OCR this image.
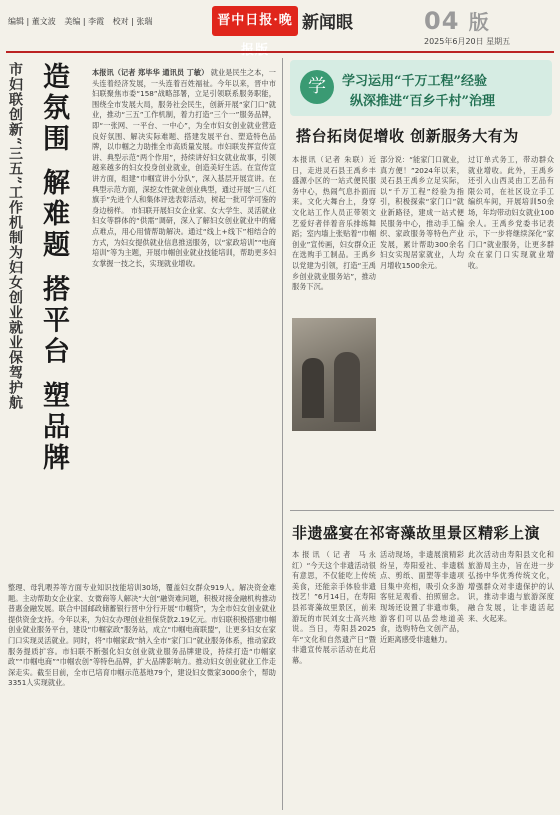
编辑 | 董文波 美编 | 李霞 校对 | 张瑞	晋中日报·晚 新闻眼	04 版
2025年6月20日 星期五
造氛围 解难题 搭平台 塑品牌
市妇联创新“三五”工作机制为妇女创业就业保驾护航	本报讯（记者 郑毕华 通讯员 丁敏） 就业是民生之本，一头连着经济发展，一头连着百姓福祉。今年以来，晋中市妇联聚焦市委“158”战略部署，立足引领联系服务职能，围绕全市发展大局，服务社会民生，创新开展“家门口”就业，推动“三五”工作机制，着力打造“三个一”服务品牌，即“一张网、一平台、一中心”，为全市妇女创业就业营造良好氛围、解决实际难题、搭建发展平台、塑造特色品牌，以巾帼之力助推全市高质量发展。市妇联发挥宣传宣讲、典型示范“两个作用”，持续讲好妇女就业故事，引领越来越多的妇女投身创业就业，创造美好生活。在宣传宣讲方面，组建“巾帼宣讲小分队”，深入基层开展宣讲。在典型示范方面，深挖女性就业创业典型，通过开展“三八红旗手”先进个人和集体评选表彰活动，树起一批可学可鉴的身边榜样。 市妇联开展妇女企业家、女大学生、灵活就业妇女等群体的“供需”调研，深入了解妇女创业就业中的痛点难点，用心用情帮助解决。通过“线上+线下”相结合的方式，为妇女提供就业信息推送服务，以“家政培训”“电商培训”等为主题，开展巾帼创业就业技能培训，帮助更多妇女掌握一技之长，实现就业增收。
整理、母乳喂养等方面专业知识技能培训30场，覆盖妇女群众919人。解决资金难题。主动帮助女企业家、女微商等人解决“大创”融资难问题，积极对接金融机构推动普惠金融发展。联合中国邮政储蓄银行晋中分行开展“巾帼贷”，为全市妇女创业就业提供资金支持。今年以来，为妇女办理创业担保贷款2.19亿元。市妇联积极搭建巾帼创业就业服务平台，建设“巾帼家政”服务站，成立“巾帼电商联盟”，让更多妇女在家门口实现灵活就业。同时，将“巾帼家政”纳入全市“家门口”就业服务体系，推动家政服务提质扩容。市妇联不断强化妇女创业就业服务品牌建设，持续打造“巾帼家政”“巾帼电商”“巾帼农创”等特色品牌，扩大品牌影响力。推动妇女创业就业工作走深走实。截至目前，全市已培育巾帼示范基地79个，建设妇女微家3000余个，帮助3351人实现就业。
学	学习运用“千万工程”经验
纵深推进“百乡千村”治理
搭台拓岗促增收 创新服务大有为
本报讯（记者 朱联）近日，走进灵石县王禹乡丰盛源小区的一站式便民服务中心，热闹气息扑面而来。文化大舞台上，身穿文化站工作人员正带领文艺爱好者伴着音乐排练舞蹈；室内墙上张贴着“巾帼创业”宣传画，妇女群众正在选购手工制品。王禹乡以党建为引领，打造“王禹乡创业就业服务站”，推动服务下沉。
部分说：“能家门口就业，真方便！”2024年以来，灵石县王禹乡立足实际，以“千万工程”经验为指引，积极探索“家门口”就业新路径，建成一站式便民服务中心，推动手工编织、家政服务等特色产业发展，累计帮助300余名妇女实现居家就业，人均月增收1500余元。
过订单式务工，带动群众就业增收。此外，王禹乡还引入山西灵由工艺品有限公司，在社区设立手工编织车间，开展培训50余场，年均带动妇女就业100余人。王禹乡党委书记表示，下一步将继续深化“家门口”就业服务，让更多群众在家门口实现就业增收。
非遗盛宴在祁寄藻故里景区精彩上演
本报讯（记者 马永红）“今天这个非遗活动很有意思，不仅能吃上传统美食，还能亲手体验非遗技艺！”6月14日，在寿阳县祁寄藻故里景区，前来游玩的市民刘女士高兴地说。当日，寿阳县2025年“文化和自然遗产日”暨非遗宣传展示活动在此启幕。
活动现场，非遗展演精彩纷呈，寿阳爱社、非遗糕点、剪纸、面塑等非遗项目集中亮相，吸引众多游客驻足观看、拍照留念。现场还设置了非遗市集，游客们可以品尝地道美食，选购特色文创产品，近距离感受非遗魅力。
此次活动由寿阳县文化和旅游局主办，旨在进一步弘扬中华优秀传统文化，增强群众对非遗保护的认识，推动非遗与旅游深度融合发展，让非遗活起来、火起来。
